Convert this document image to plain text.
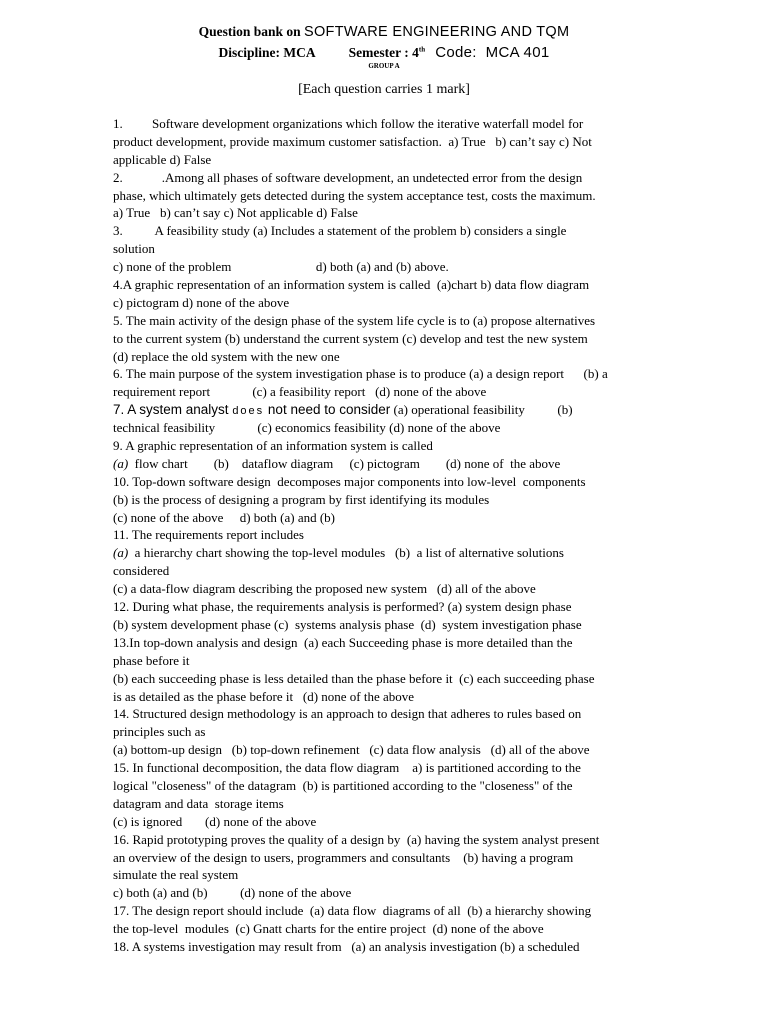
Question bank on SOFTWARE ENGINEERING AND TQM
Discipline: MCA	Semester : 4th Code:  MCA 401
GROUP A
[Each question carries 1 mark]
1.         Software development organizations which follow the iterative waterfall model for
product development, provide maximum customer satisfaction.  a) True   b) can’t say c) Not
applicable d) False
2.            .Among all phases of software development, an undetected error from the design
phase, which ultimately gets detected during the system acceptance test, costs the maximum.
a) True   b) can’t say c) Not applicable d) False
3.          A feasibility study (a) Includes a statement of the problem b) considers a single
solution
c) none of the problem                          d) both (a) and (b) above.
4.A graphic representation of an information system is called  (a)chart b) data flow diagram
c) pictogram d) none of the above
5. The main activity of the design phase of the system life cycle is to (a) propose alternatives
to the current system (b) understand the current system (c) develop and test the new system
(d) replace the old system with the new one
6. The main purpose of the system investigation phase is to produce (a) a design report      (b) a
requirement report             (c) a feasibility report   (d) none of the above
7. A system analyst does not need to consider (a) operational feasibility          (b)
technical feasibility             (c) economics feasibility (d) none of the above
9. A graphic representation of an information system is called
(a)  flow chart        (b)    dataflow diagram     (c) pictogram        (d) none of  the above
10. Top-down software design  decomposes major components into low-level  components
(b) is the process of designing a program by first identifying its modules
(c) none of the above     d) both (a) and (b)
11. The requirements report includes
(a)  a hierarchy chart showing the top-level modules   (b)  a list of alternative solutions
considered
(c) a data-flow diagram describing the proposed new system   (d) all of the above
12. During what phase, the requirements analysis is performed? (a) system design phase
(b) system development phase (c)  systems analysis phase  (d)  system investigation phase
13.In top-down analysis and design  (a) each Succeeding phase is more detailed than the
phase before it
(b) each succeeding phase is less detailed than the phase before it  (c) each succeeding phase
is as detailed as the phase before it   (d) none of the above
14. Structured design methodology is an approach to design that adheres to rules based on
principles such as
(a) bottom-up design   (b) top-down refinement   (c) data flow analysis   (d) all of the above
15. In functional decomposition, the data flow diagram    a) is partitioned according to the
logical "closeness" of the datagram  (b) is partitioned according to the "closeness" of the
datagram and data  storage items
(c) is ignored       (d) none of the above
16. Rapid prototyping proves the quality of a design by  (a) having the system analyst present
an overview of the design to users, programmers and consultants    (b) having a program
simulate the real system
c) both (a) and (b)          (d) none of the above
17. The design report should include  (a) data flow  diagrams of all  (b) a hierarchy showing
the top-level  modules  (c) Gnatt charts for the entire project  (d) none of the above
18. A systems investigation may result from   (a) an analysis investigation (b) a scheduled
